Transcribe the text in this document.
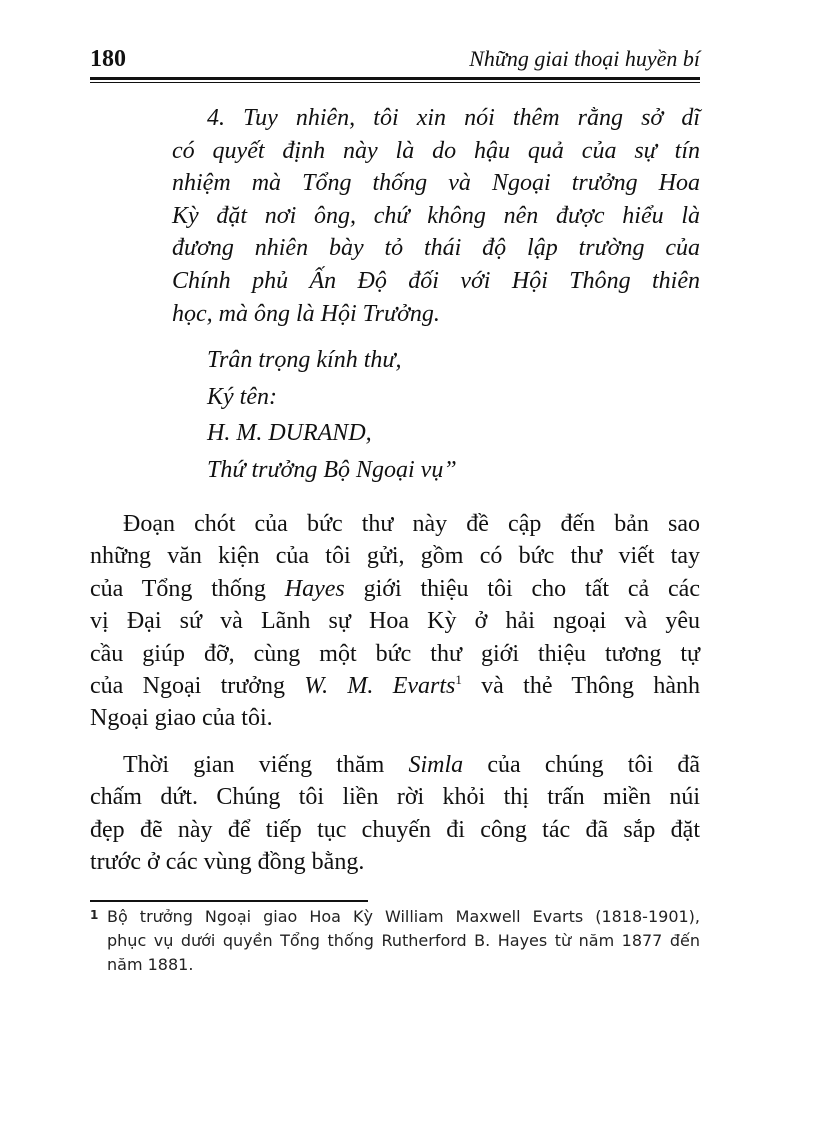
180	Những giai thoại huyền bí

4. Tuy nhiên, tôi xin nói thêm rằng sở dĩ
có quyết định này là do hậu quả của sự tín
nhiệm mà Tổng thống và Ngoại trưởng Hoa
Kỳ đặt nơi ông, chứ không nên được hiểu là
đương nhiên bày tỏ thái độ lập trường của
Chính phủ Ấn Độ đối với Hội Thông thiên
học, mà ông là Hội Trưởng.

Trân trọng kính thư,
Ký tên:
H. M. DURAND,
Thứ trưởng Bộ Ngoại vụ”
Đoạn chót của bức thư này đề cập đến bản sao
những văn kiện của tôi gửi, gồm có bức thư viết tay
của Tổng thống Hayes giới thiệu tôi cho tất cả các
vị Đại sứ và Lãnh sự Hoa Kỳ ở hải ngoại và yêu
cầu giúp đỡ, cùng một bức thư giới thiệu tương tự
của Ngoại trưởng W. M. Evarts$^1$ và thẻ Thông hành
Ngoại giao của tôi.
Thời gian viếng thăm Simla của chúng tôi đã
chấm dứt. Chúng tôi liền rời khỏi thị trấn miền núi
đẹp đẽ này để tiếp tục chuyến đi công tác đã sắp đặt
trước ở các vùng đồng bằng.
1 Bộ trưởng Ngoại giao Hoa Kỳ William Maxwell Evarts (1818-1901),
phục vụ dưới quyền Tổng thống Rutherford B. Hayes từ năm 1877 đến
năm 1881.
